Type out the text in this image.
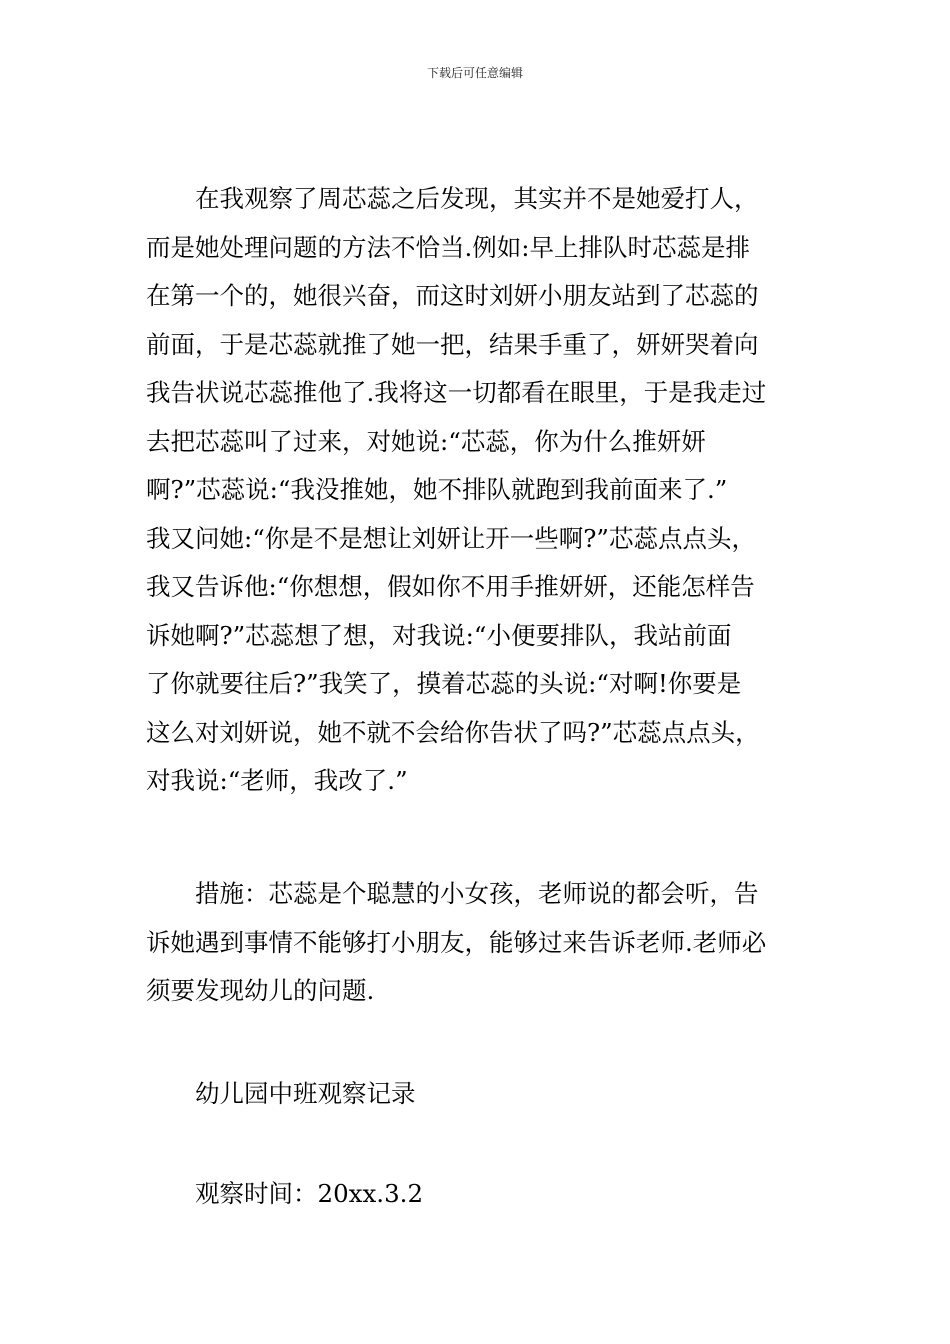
下载后可任意编辑
在我观察了周芯蕊之后发现，其实并不是她爱打人，
而是她处理问题的方法不恰当.例如:早上排队时芯蕊是排
在第一个的，她很兴奋，而这时刘妍小朋友站到了芯蕊的
前面，于是芯蕊就推了她一把，结果手重了，妍妍哭着向
我告状说芯蕊推他了.我将这一切都看在眼里，于是我走过
去把芯蕊叫了过来，对她说:“芯蕊，你为什么推妍妍
啊?”芯蕊说:“我没推她，她不排队就跑到我前面来了.”
我又问她:“你是不是想让刘妍让开一些啊?”芯蕊点点头，
我又告诉他:“你想想，假如你不用手推妍妍，还能怎样告
诉她啊?”芯蕊想了想，对我说:“小便要排队，我站前面
了你就要往后?”我笑了，摸着芯蕊的头说:“对啊!你要是
这么对刘妍说，她不就不会给你告状了吗?”芯蕊点点头，
对我说:“老师，我改了.”
措施：芯蕊是个聪慧的小女孩，老师说的都会听，告
诉她遇到事情不能够打小朋友，能够过来告诉老师.老师必
须要发现幼儿的问题.
幼儿园中班观察记录
观察时间：20xx.3.2
